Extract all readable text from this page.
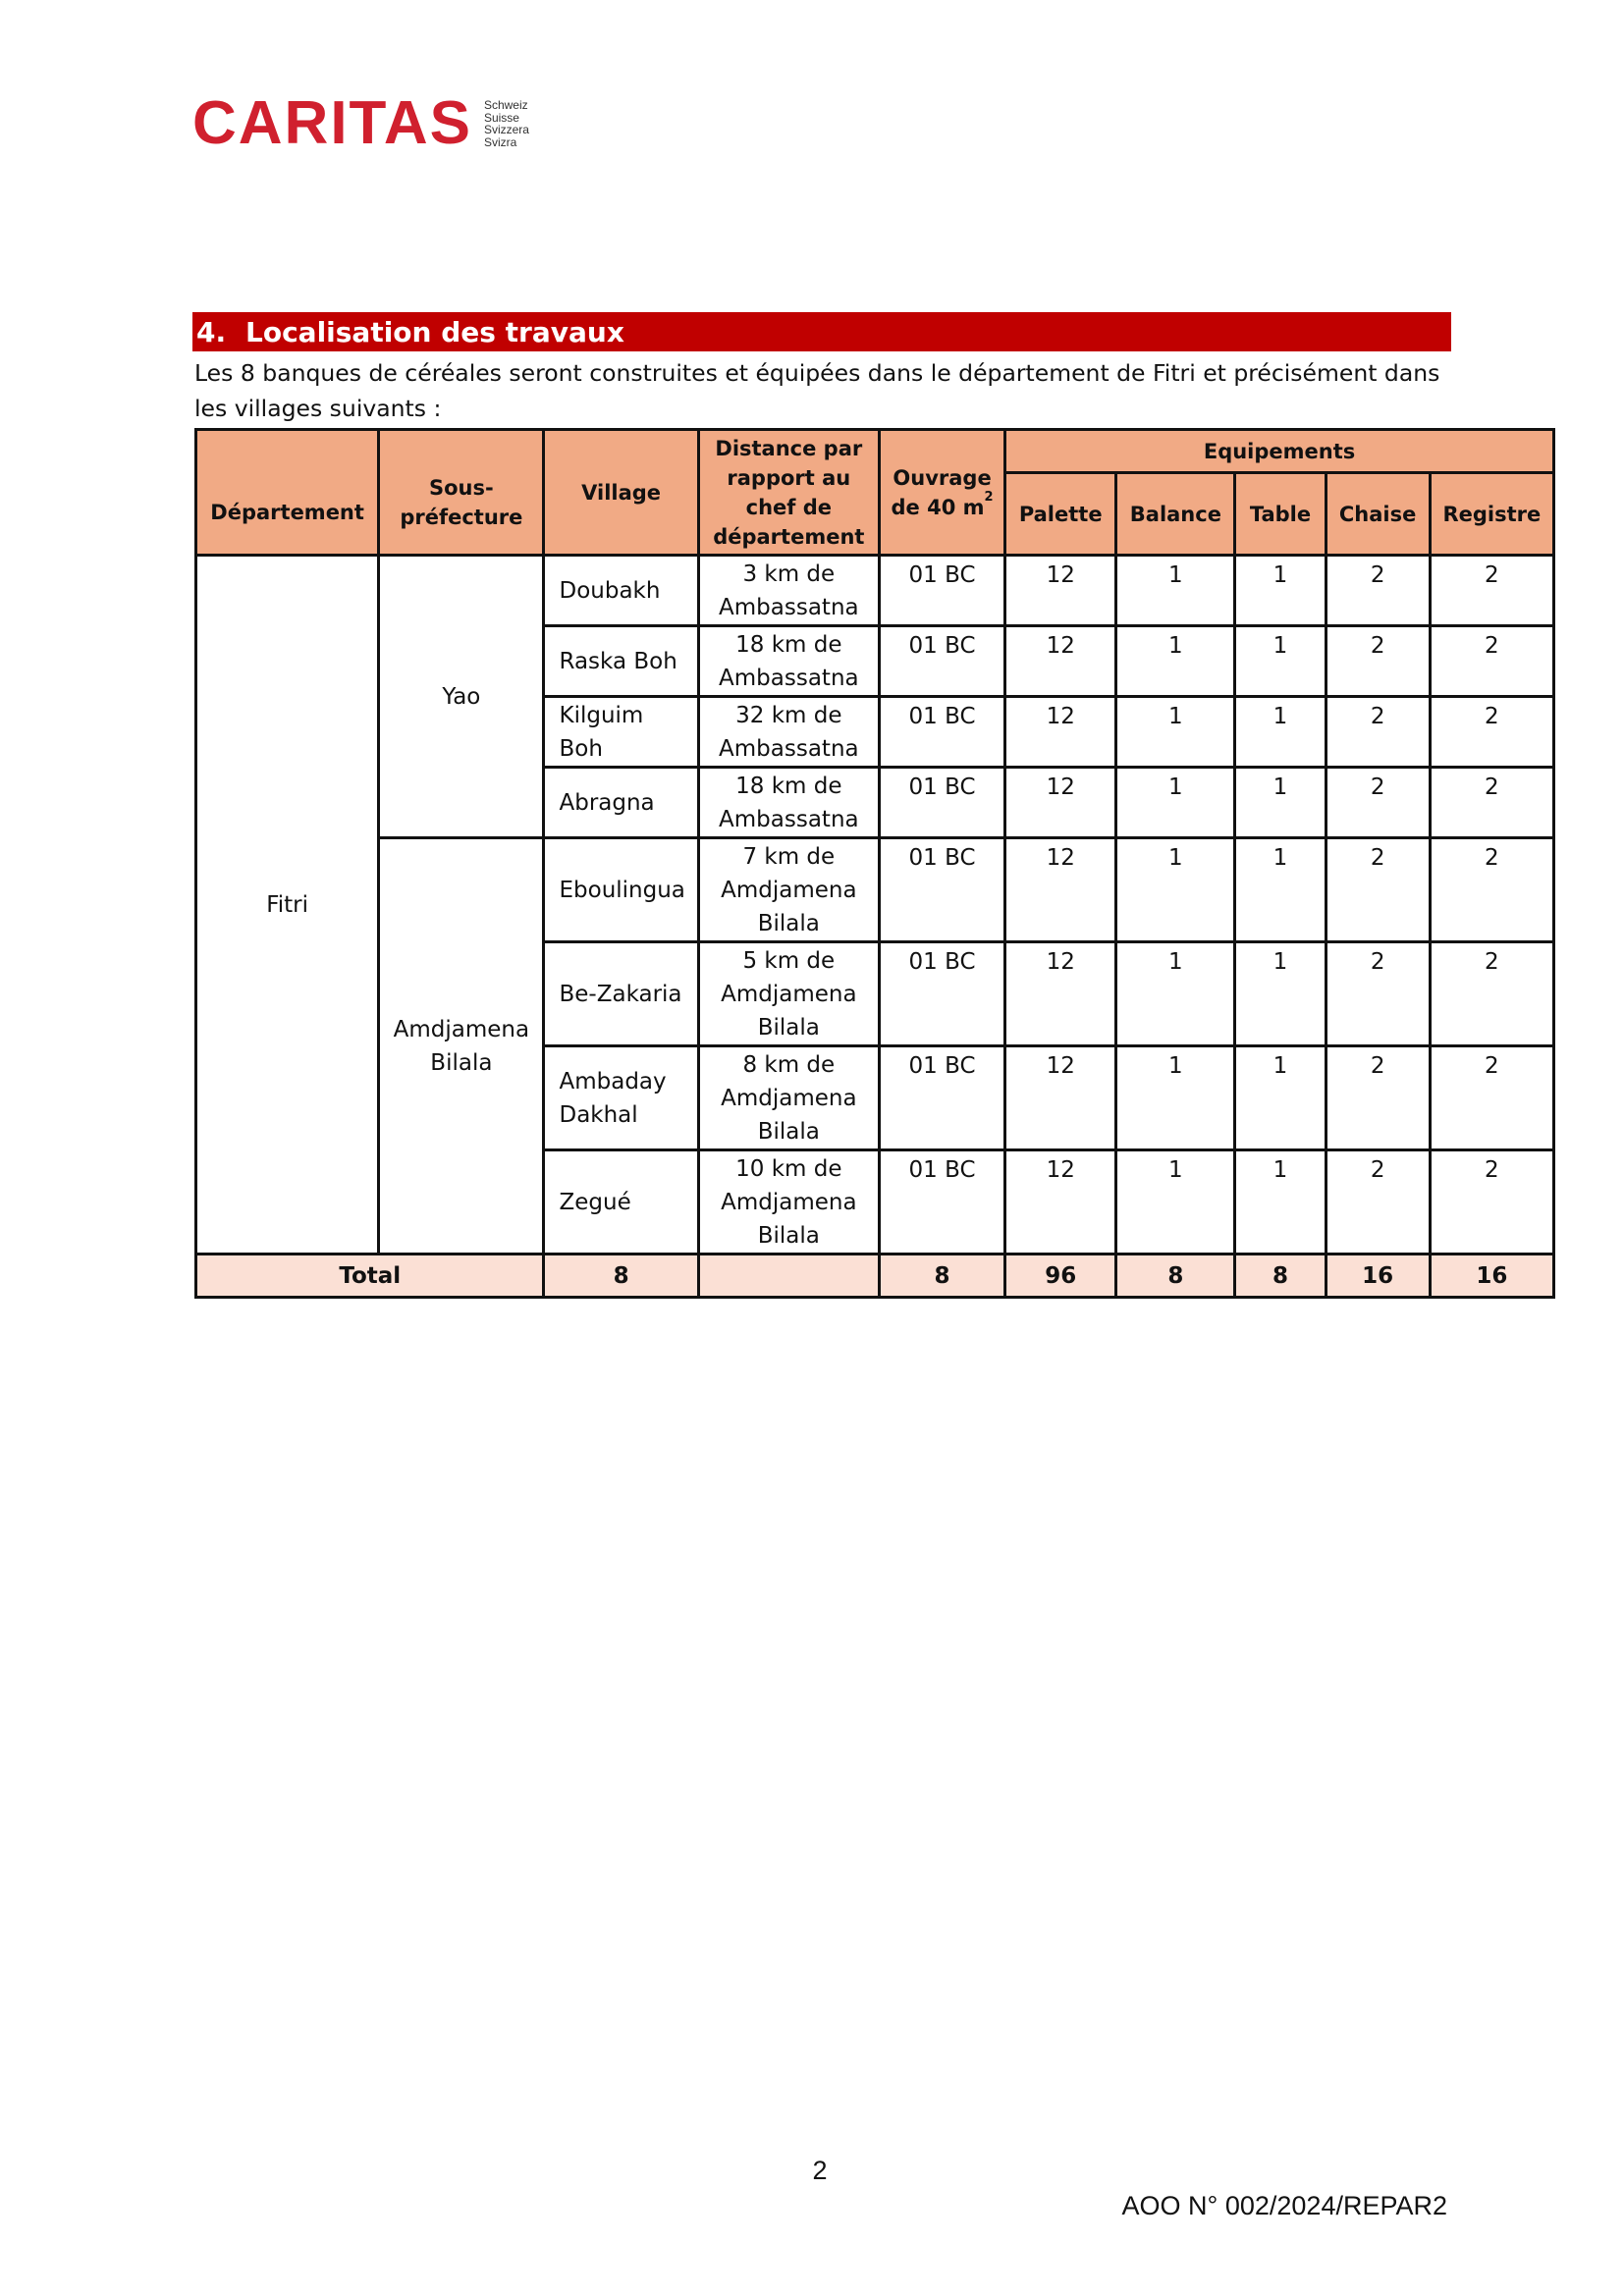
CARITAS Schweiz
Suisse
Svizzera
Svizra
4. Localisation des travaux
Les 8 banques de céréales seront construites et équipées dans le département de Fitri et précisément dans les villages suivants :
Département	Sous-préfecture	Village	Distance par rapport au chef de département	Ouvrage de 40 $m^2$	Equipements				
					Palette	Balance	Table	Chaise	Registre
Fitri	Yao	Doubakh	3 km de Ambassatna	01 BC	12	1	1	2	2
		Raska Boh	18 km de Ambassatna	01 BC	12	1	1	2	2
		Kilguim Boh	32 km de Ambassatna	01 BC	12	1	1	2	2
		Abragna	18 km de Ambassatna	01 BC	12	1	1	2	2
	Amdjamena Bilala	Eboulingua	7 km de Amdjamena Bilala	01 BC	12	1	1	2	2
		Be-Zakaria	5 km de Amdjamena Bilala	01 BC	12	1	1	2	2
		Ambaday Dakhal	8 km de Amdjamena Bilala	01 BC	12	1	1	2	2
		Zegué	10 km de Amdjamena Bilala	01 BC	12	1	1	2	2
Total		8		8	96	8	8	16	16
2
AOO N° 002/2024/REPAR2
